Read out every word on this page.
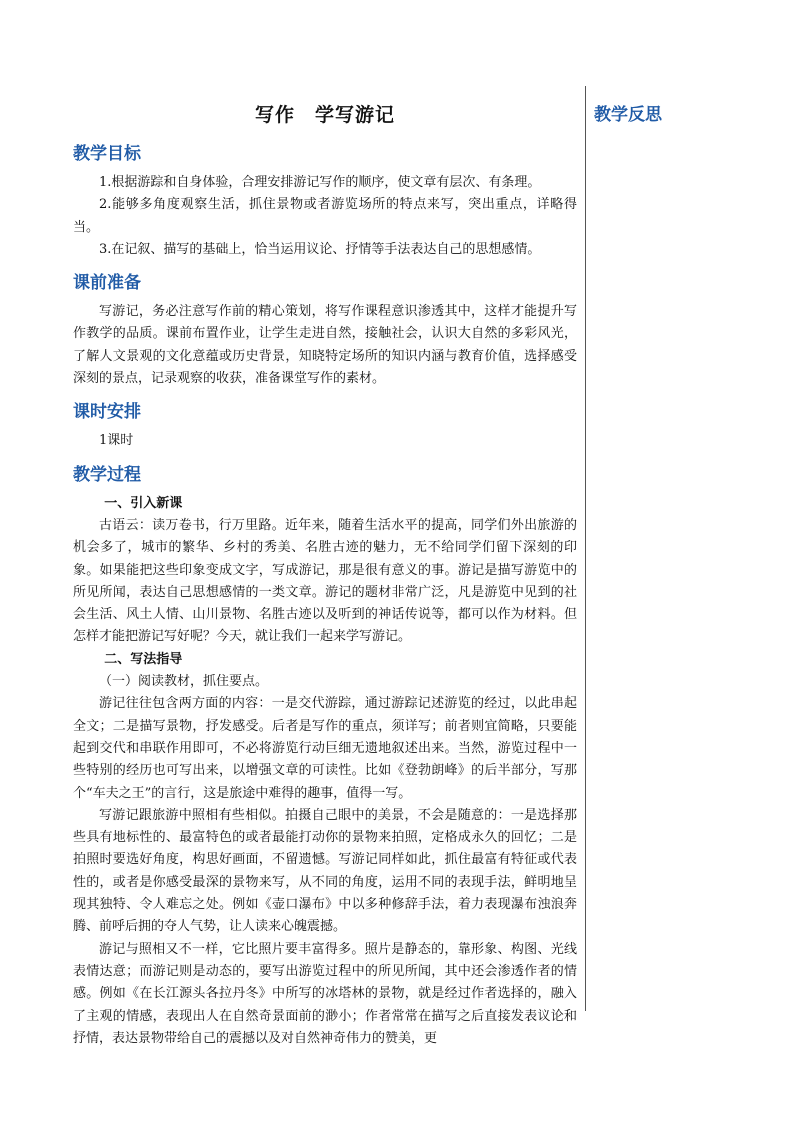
写作　学写游记
教学目标

1.根据游踪和自身体验，合理安排游记写作的顺序，使文章有层次、有条理。

2.能够多角度观察生活，抓住景物或者游览场所的特点来写，突出重点，详略得当。

3.在记叙、描写的基础上，恰当运用议论、抒情等手法表达自己的思想感情。

课前准备

写游记，务必注意写作前的精心策划，将写作课程意识渗透其中，这样才能提升写作教学的品质。课前布置作业，让学生走进自然，接触社会，认识大自然的多彩风光，了解人文景观的文化意蕴或历史背景，知晓特定场所的知识内涵与教育价值，选择感受深刻的景点，记录观察的收获，准备课堂写作的素材。

课时安排

1课时

教学过程

一、引入新课

古语云：读万卷书，行万里路。近年来，随着生活水平的提高，同学们外出旅游的机会多了，城市的繁华、乡村的秀美、名胜古迹的魅力，无不给同学们留下深刻的印象。如果能把这些印象变成文字，写成游记，那是很有意义的事。游记是描写游览中的所见所闻，表达自己思想感情的一类文章。游记的题材非常广泛，凡是游览中见到的社会生活、风土人情、山川景物、名胜古迹以及听到的神话传说等，都可以作为材料。但怎样才能把游记写好呢？今天，就让我们一起来学写游记。

二、写法指导

（一）阅读教材，抓住要点。

游记往往包含两方面的内容：一是交代游踪，通过游踪记述游览的经过，以此串起全文；二是描写景物，抒发感受。后者是写作的重点，须详写；前者则宜简略，只要能起到交代和串联作用即可，不必将游览行动巨细无遗地叙述出来。当然，游览过程中一些特别的经历也可写出来，以增强文章的可读性。比如《登勃朗峰》的后半部分，写那个“车夫之王”的言行，这是旅途中难得的趣事，值得一写。

写游记跟旅游中照相有些相似。拍摄自己眼中的美景，不会是随意的：一是选择那些具有地标性的、最富特色的或者最能打动你的景物来拍照，定格成永久的回忆；二是拍照时要选好角度，构思好画面，不留遗憾。写游记同样如此，抓住最富有特征或代表性的，或者是你感受最深的景物来写，从不同的角度，运用不同的表现手法，鲜明地呈现其独特、令人难忘之处。例如《壶口瀑布》中以多种修辞手法，着力表现瀑布浊浪奔腾、前呼后拥的夺人气势，让人读来心魄震撼。

游记与照相又不一样，它比照片要丰富得多。照片是静态的，靠形象、构图、光线表情达意；而游记则是动态的，要写出游览过程中的所见所闻，其中还会渗透作者的情感。例如《在长江源头各拉丹冬》中所写的冰塔林的景物，就是经过作者选择的，融入了主观的情感，表现出人在自然奇景面前的渺小；作者常常在描写之后直接发表议论和抒情，表达景物带给自己的震撼以及对自然神奇伟力的赞美，更

教学反思
